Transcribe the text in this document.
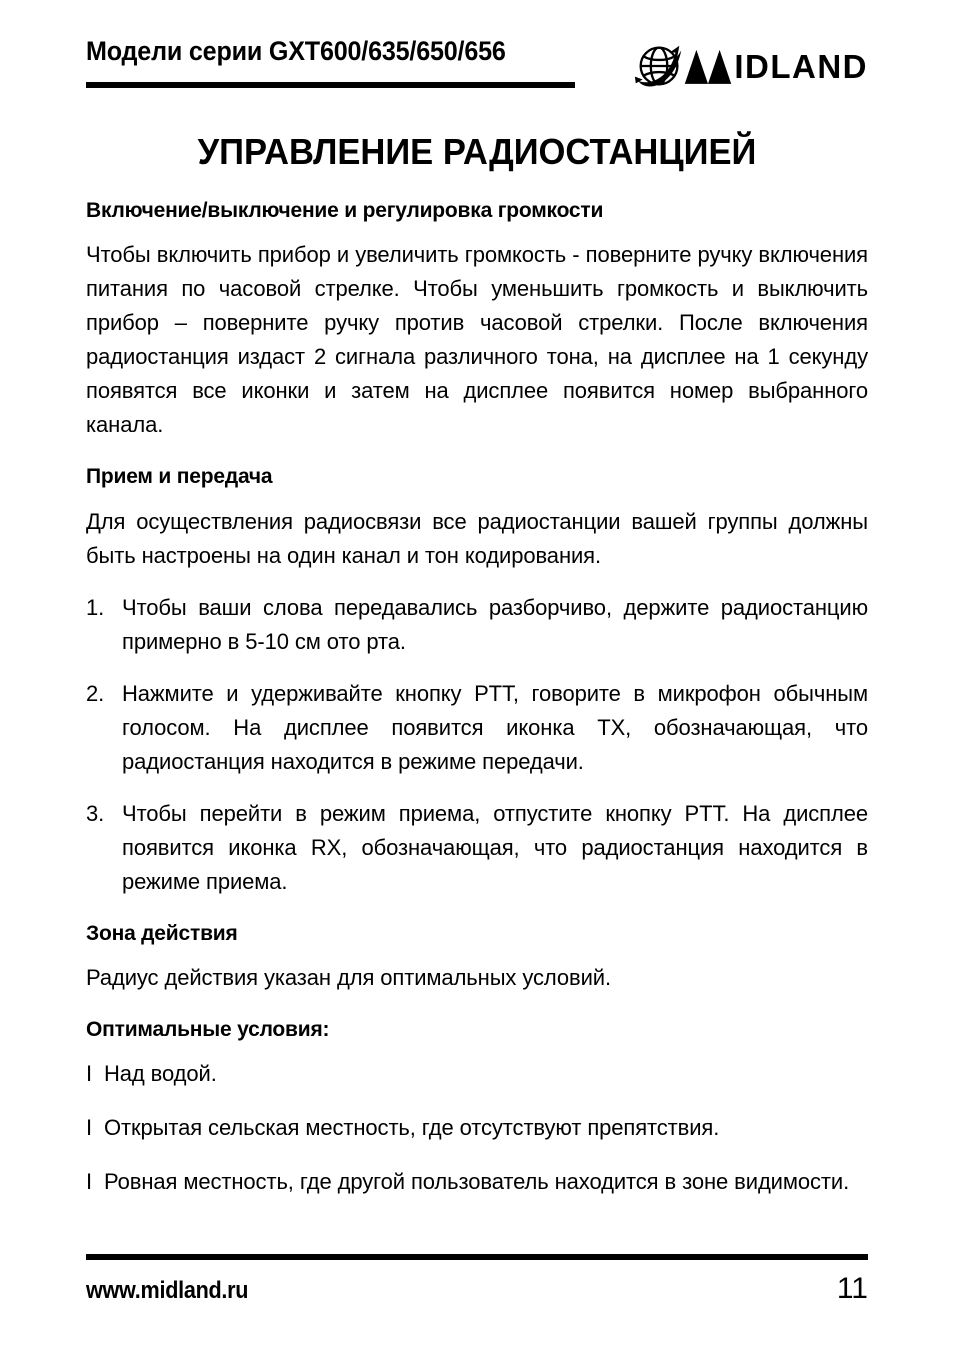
Модели серии GXT600/635/650/656	IDLAND
УПРАВЛЕНИЕ РАДИОСТАНЦИЕЙ
Включение/выключение и регулировка громкости

Чтобы включить прибор и увеличить громкость - поверните ручку включения питания по часовой стрелке. Чтобы уменьшить громкость и выключить прибор – поверните ручку против часовой стрелки. После включения радиостанция издаст 2 сигнала различного тона, на дисплее на 1 секунду появятся все иконки и затем на дисплее появится номер выбранного канала.

Прием и передача

Для осуществления радиосвязи все радиостанции вашей группы должны быть настроены на один канал и тон кодирования.

1. Чтобы ваши слова передавались разборчиво, держите радиостанцию примерно в 5-10 см ото рта.
2. Нажмите и удерживайте кнопку PTT, говорите в микрофон обычным голосом. На дисплее появится иконка TX, обозначающая, что радиостанция находится в режиме передачи.
3. Чтобы перейти в режим приема, отпустите кнопку PTT. На дисплее появится иконка RX, обозначающая, что радиостанция находится в режиме приема.
Зона действия

Радиус действия указан для оптимальных условий.

Оптимальные условия:
I Над водой.
I Открытая сельская местность, где отсутствуют препятствия.
I Ровная местность, где другой пользователь находится в зоне видимости.
www.midland.ru	11
